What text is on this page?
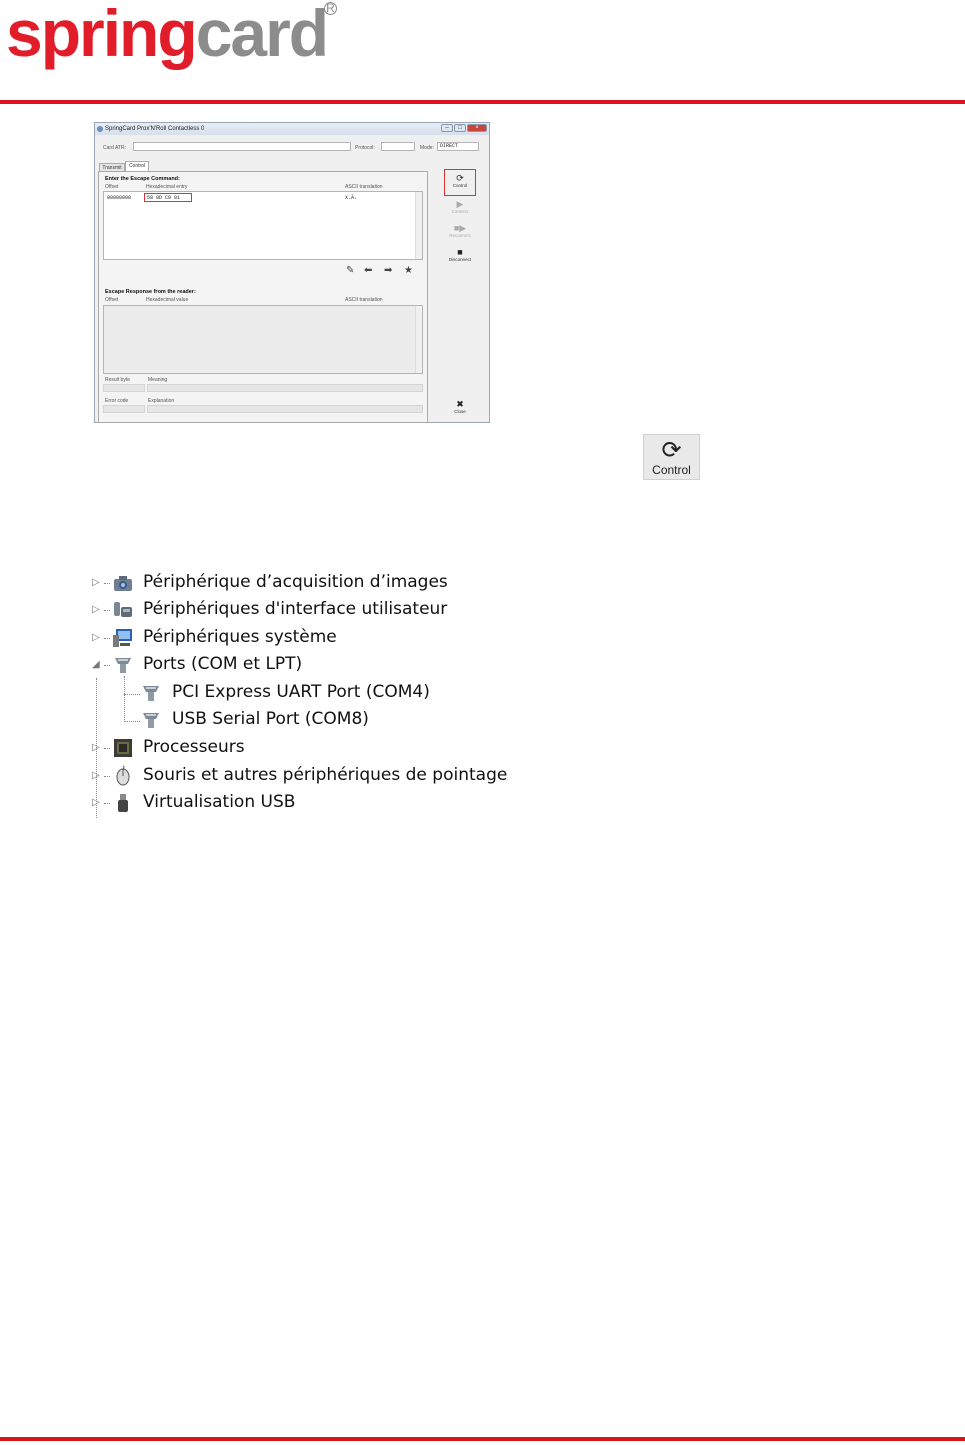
springcard R
SpringCard Prox'N'Roll Contactless 0	–	□	×
Card ATR:	Protocol:	Mode:	DIRECT
Transmit	Control
Enter the Escape Command:
Offset	Hexadecimal entry	ASCII translation
00000000	58 0D C0 01	X.À.
✎ ⬅ ➡ ★
Escape Response from the reader:
Offset	Hexadecimal value	ASCII translation
Result byte	Meaning
Error code	Explanation
⟳
Control
▶
Connect
■▶
Reconnect
■
Disconnect
✖
Close
⟳
Control
▷	Périphérique d’acquisition d’images
▷	Périphériques d'interface utilisateur
▷	Périphériques système
◢	Ports (COM et LPT)
PCI Express UART Port (COM4)
USB Serial Port (COM8)
▷	Processeurs
▷	Souris et autres périphériques de pointage
▷	Virtualisation USB
